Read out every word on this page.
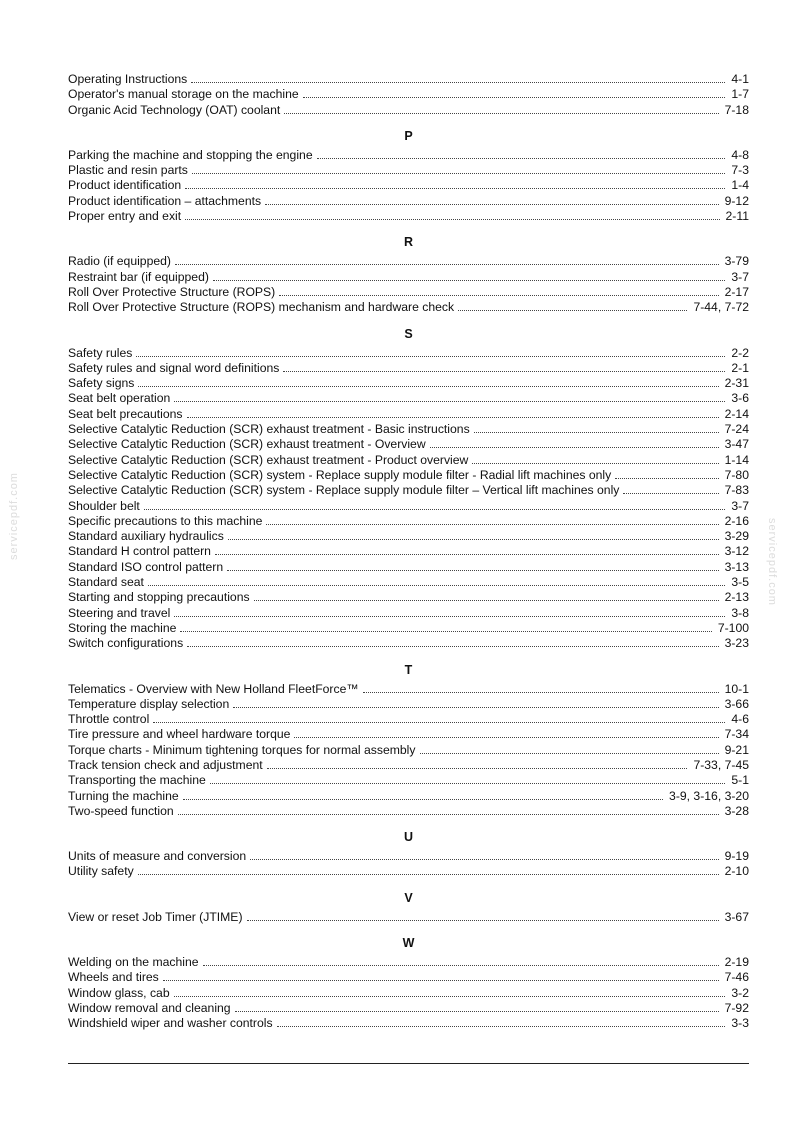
Operating Instructions	4-1
Operator's manual storage on the machine	1-7
Organic Acid Technology (OAT) coolant	7-18
P
Parking the machine and stopping the engine	4-8
Plastic and resin parts	7-3
Product identification	1-4
Product identification – attachments	9-12
Proper entry and exit	2-11
R
Radio (if equipped)	3-79
Restraint bar (if equipped)	3-7
Roll Over Protective Structure (ROPS)	2-17
Roll Over Protective Structure (ROPS) mechanism and hardware check	7-44, 7-72
S
Safety rules	2-2
Safety rules and signal word definitions	2-1
Safety signs	2-31
Seat belt operation	3-6
Seat belt precautions	2-14
Selective Catalytic Reduction (SCR) exhaust treatment - Basic instructions	7-24
Selective Catalytic Reduction (SCR) exhaust treatment - Overview	3-47
Selective Catalytic Reduction (SCR) exhaust treatment - Product overview	1-14
Selective Catalytic Reduction (SCR) system - Replace supply module filter - Radial lift machines only	7-80
Selective Catalytic Reduction (SCR) system - Replace supply module filter – Vertical lift machines only	7-83
Shoulder belt	3-7
Specific precautions to this machine	2-16
Standard auxiliary hydraulics	3-29
Standard H control pattern	3-12
Standard ISO control pattern	3-13
Standard seat	3-5
Starting and stopping precautions	2-13
Steering and travel	3-8
Storing the machine	7-100
Switch configurations	3-23
T
Telematics - Overview with New Holland FleetForce™	10-1
Temperature display selection	3-66
Throttle control	4-6
Tire pressure and wheel hardware torque	7-34
Torque charts - Minimum tightening torques for normal assembly	9-21
Track tension check and adjustment	7-33, 7-45
Transporting the machine	5-1
Turning the machine	3-9, 3-16, 3-20
Two-speed function	3-28
U
Units of measure and conversion	9-19
Utility safety	2-10
V
View or reset Job Timer (JTIME)	3-67
W
Welding on the machine	2-19
Wheels and tires	7-46
Window glass, cab	3-2
Window removal and cleaning	7-92
Windshield wiper and washer controls	3-3
servicepdf.com
servicepdf.com
